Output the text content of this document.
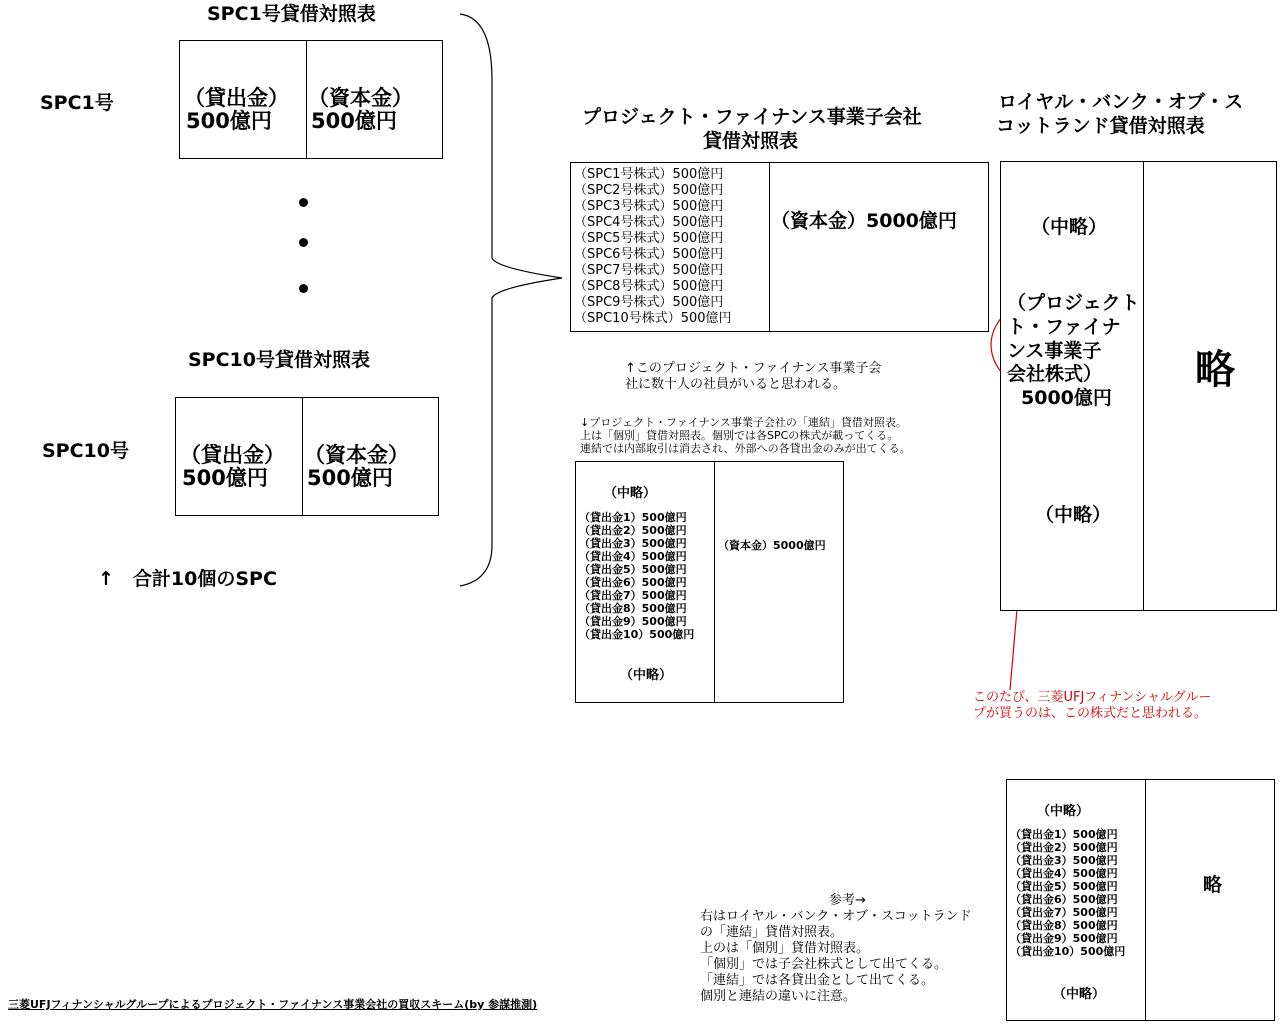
SPC1号貸借対照表
SPC1号	（貸出金）
500億円
（資本金）
500億円
SPC10号貸借対照表
SPC10号 （貸出金）
500億円
（資本金）
500億円
↑　合計10個のSPC
プロジェクト・ファイナンス事業子会社
貸借対照表
（SPC1号株式）500億円
（SPC2号株式）500億円
（SPC3号株式）500億円
（SPC4号株式）500億円
（SPC5号株式）500億円
（SPC6号株式）500億円
（SPC7号株式）500億円
（SPC8号株式）500億円
（SPC9号株式）500億円
（SPC10号株式）500億円
（資本金）5000億円
↑このプロジェクト・ファイナンス事業子会
社に数十人の社員がいると思われる。
↓プロジェクト・ファイナンス事業子会社の「連結」貸借対照表。
上は「個別」貸借対照表。個別では各SPCの株式が載ってくる。
連結では内部取引は消去され、外部への各貸出金のみが出てくる。
（中略）
（貸出金1）500億円
（貸出金2）500億円
（貸出金3）500億円
（貸出金4）500億円
（貸出金5）500億円
（貸出金6）500億円
（貸出金7）500億円
（貸出金8）500億円
（貸出金9）500億円
（貸出金10）500億円
（中略）
（資本金）5000億円
ロイヤル・バンク・オブ・ス
コットランド貸借対照表
（中略）
（プロジェクト
ト・ファイナ
ンス事業子
会社株式）
5000億円
（中略）
略
このたび、三菱UFJフィナンシャルグルー
プが買うのは、この株式だと思われる。
（中略）
（貸出金1）500億円
（貸出金2）500億円
（貸出金3）500億円
（貸出金4）500億円
（貸出金5）500億円
（貸出金6）500億円
（貸出金7）500億円
（貸出金8）500億円
（貸出金9）500億円
（貸出金10）500億円
（中略）
略
参考→
右はロイヤル・バンク・オブ・スコットランド
の「連結」貸借対照表。
上のは「個別」貸借対照表。
「個別」では子会社株式として出てくる。
「連結」では各貸出金として出てくる。
個別と連結の違いに注意。
三菱UFJフィナンシャルグループによるプロジェクト・ファイナンス事業会社の買収スキーム(by 参謀推測)
